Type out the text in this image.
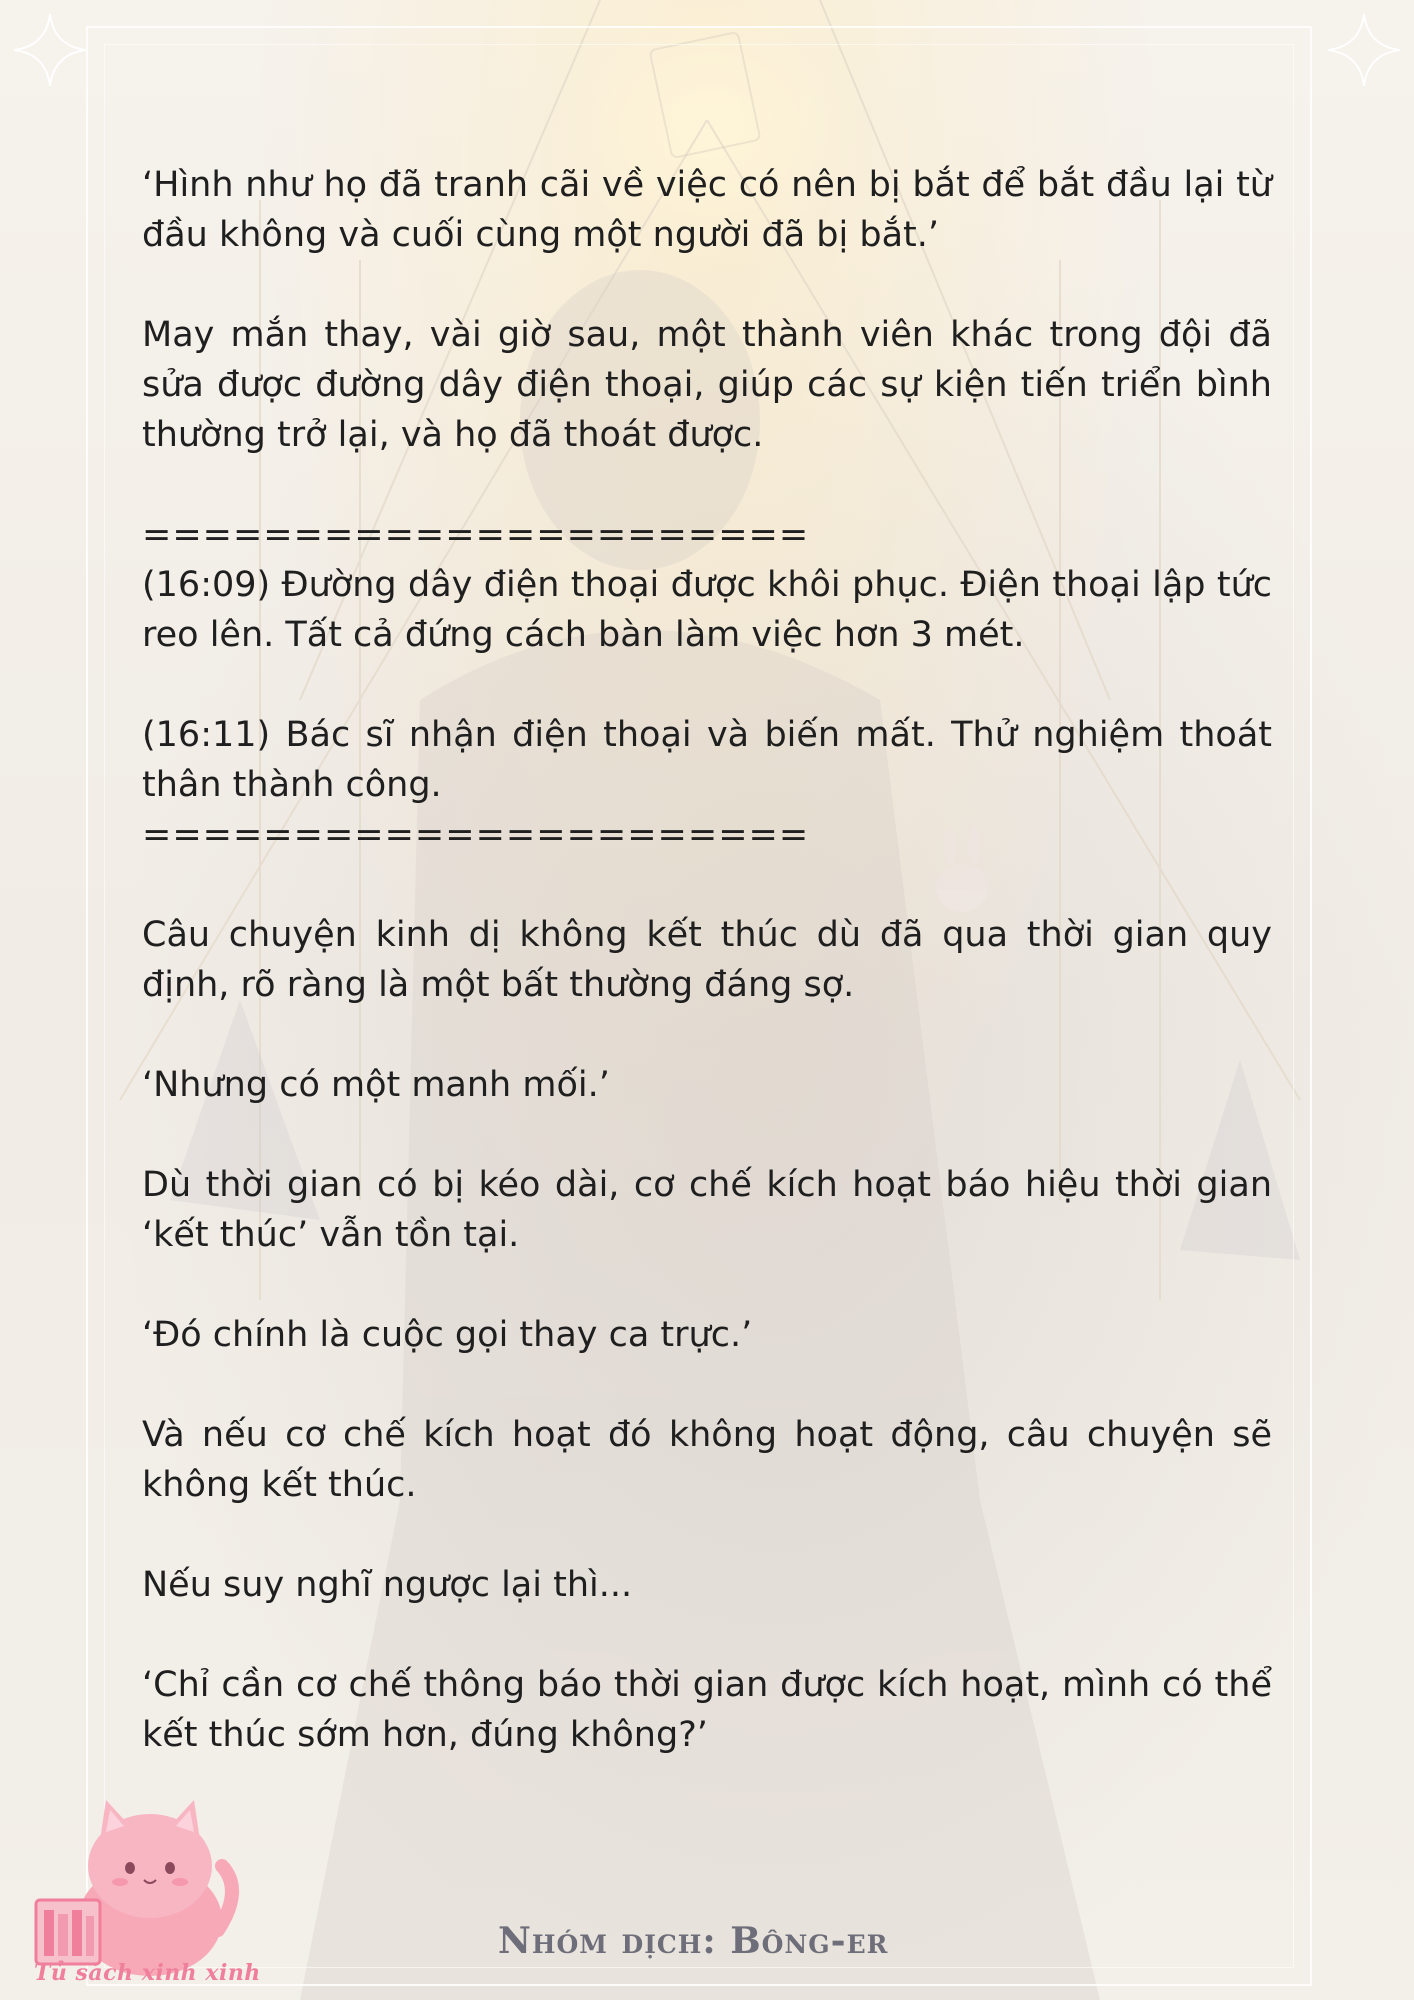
‘Hình như họ đã tranh cãi về việc có nên bị bắt để bắt đầu lại từ đầu không và cuối cùng một người đã bị bắt.’

May mắn thay, vài giờ sau, một thành viên khác trong đội đã sửa được đường dây điện thoại, giúp các sự kiện tiến triển bình thường trở lại, và họ đã thoát được.

======================

(16:09) Đường dây điện thoại được khôi phục. Điện thoại lập tức reo lên. Tất cả đứng cách bàn làm việc hơn 3 mét.

(16:11) Bác sĩ nhận điện thoại và biến mất. Thử nghiệm thoát thân thành công.

======================

Câu chuyện kinh dị không kết thúc dù đã qua thời gian quy định, rõ ràng là một bất thường đáng sợ.

‘Nhưng có một manh mối.’

Dù thời gian có bị kéo dài, cơ chế kích hoạt báo hiệu thời gian ‘kết thúc’ vẫn tồn tại.

‘Đó chính là cuộc gọi thay ca trực.’

Và nếu cơ chế kích hoạt đó không hoạt động, câu chuyện sẽ không kết thúc.

Nếu suy nghĩ ngược lại thì...

‘Chỉ cần cơ chế thông báo thời gian được kích hoạt, mình có thể kết thúc sớm hơn, đúng không?’

Tủ sách xinh xinh
Nhóm dịch: Bông-er
